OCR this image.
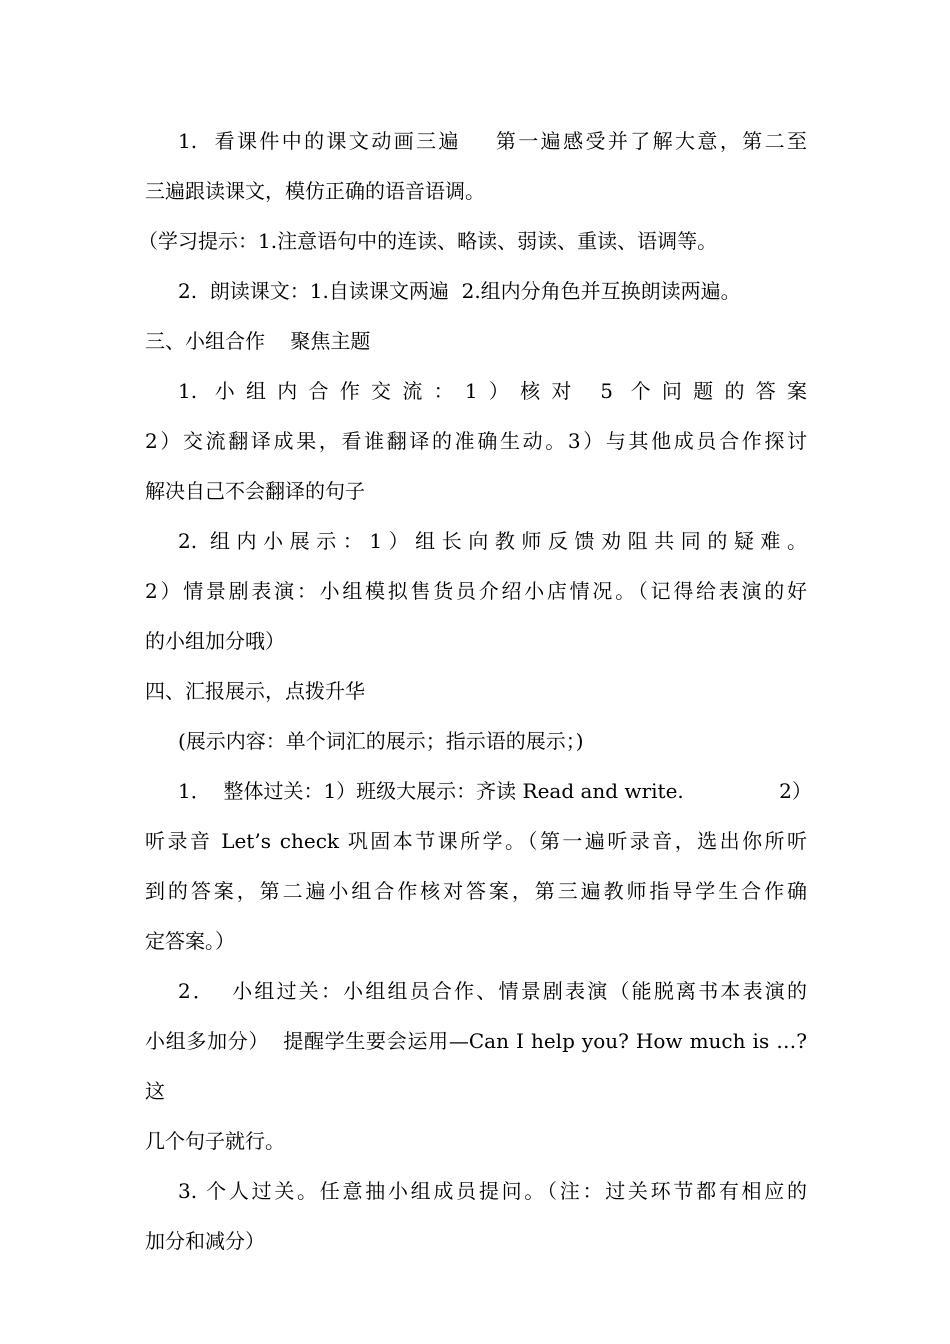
1.  看课件中的课文动画三遍    第一遍感受并了解大意，第二至

三遍跟读课文，模仿正确的语音语调。

（学习提示：1.注意语句中的连读、略读、弱读、重读、语调等。

2.  朗读课文：1.自读课文两遍  2.组内分角色并互换朗读两遍。

三、小组合作    聚焦主题

1. 小组内合作交流：1）核对 5 个问题的答案

2）交流翻译成果，看谁翻译的准确生动。3）与其他成员合作探讨

解决自己不会翻译的句子

2. 组内小展示：1）组长向教师反馈劝阻共同的疑难。

2）情景剧表演：小组模拟售货员介绍小店情况。（记得给表演的好

的小组加分哦）

四、汇报展示，点拨升华

(展示内容：单个词汇的展示；指示语的展示；)

1．  整体过关：1）班级大展示：齐读 Read and write.               2）

听录音 Let’s check 巩固本节课所学。（第一遍听录音，选出你所听

到的答案，第二遍小组合作核对答案，第三遍教师指导学生合作确

定答案。）

2．  小组过关：小组组员合作、情景剧表演（能脱离书本表演的

小组多加分）  提醒学生要会运用—Can I help you? How much is …?这

几个句子就行。

3. 个人过关。任意抽小组成员提问。（注：过关环节都有相应的

加分和减分）
